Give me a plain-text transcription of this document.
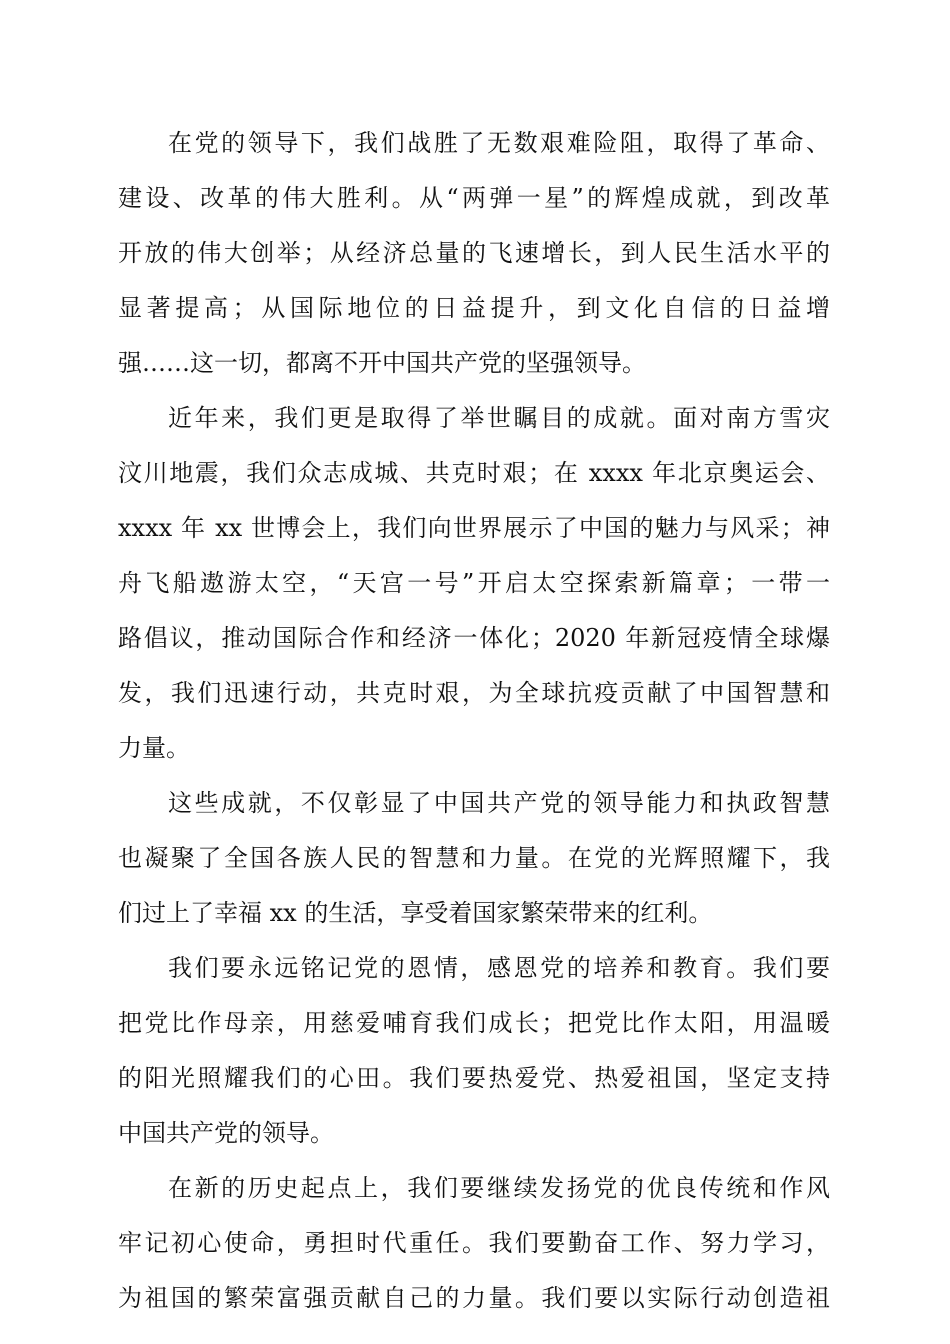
在党的领导下，我们战胜了无数艰难险阻，取得了革命、
建设、改革的伟大胜利。从“两弹一星”的辉煌成就，到改革
开放的伟大创举；从经济总量的飞速增长，到人民生活水平的
显著提高；从国际地位的日益提升，到文化自信的日益增
强……这一切，都离不开中国共产党的坚强领导。
近年来，我们更是取得了举世瞩目的成就。面对南方雪灾
汶川地震，我们众志成城、共克时艰；在 xxxx 年北京奥运会、
xxxx 年 xx 世博会上，我们向世界展示了中国的魅力与风采；神
舟飞船遨游太空，“天宫一号”开启太空探索新篇章；一带一
路倡议，推动国际合作和经济一体化；2020 年新冠疫情全球爆
发，我们迅速行动，共克时艰，为全球抗疫贡献了中国智慧和
力量。
这些成就，不仅彰显了中国共产党的领导能力和执政智慧
也凝聚了全国各族人民的智慧和力量。在党的光辉照耀下，我
们过上了幸福 xx 的生活，享受着国家繁荣带来的红利。
我们要永远铭记党的恩情，感恩党的培养和教育。我们要
把党比作母亲，用慈爱哺育我们成长；把党比作太阳，用温暖
的阳光照耀我们的心田。我们要热爱党、热爱祖国，坚定支持
中国共产党的领导。
在新的历史起点上，我们要继续发扬党的优良传统和作风
牢记初心使命，勇担时代重任。我们要勤奋工作、努力学习，
为祖国的繁荣富强贡献自己的力量。我们要以实际行动创造祖
